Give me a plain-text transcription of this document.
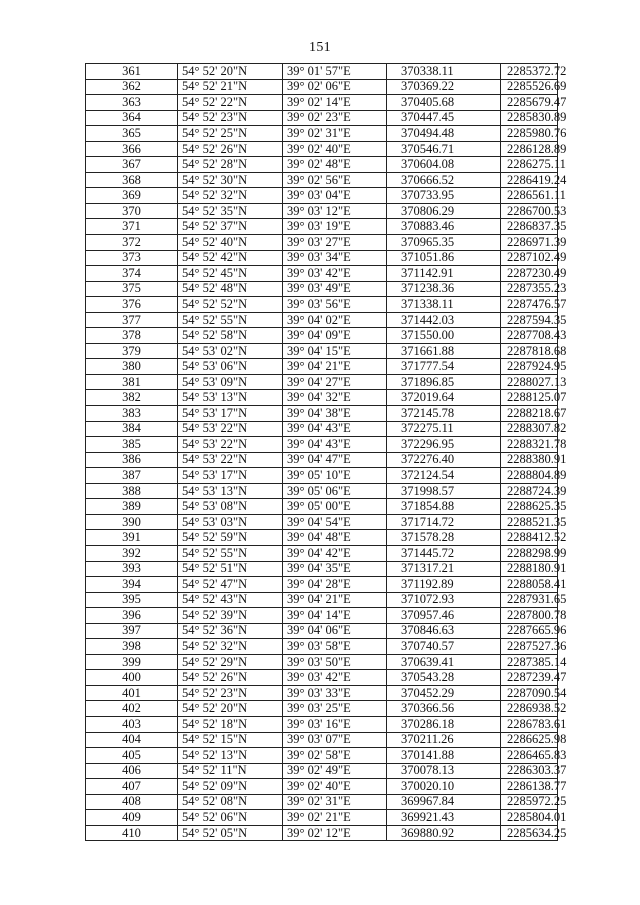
151
361	54° 52' 20"N	39° 01' 57"E	370338.11	2285372.72
362	54° 52' 21"N	39° 02' 06"E	370369.22	2285526.69
363	54° 52' 22"N	39° 02' 14"E	370405.68	2285679.47
364	54° 52' 23"N	39° 02' 23"E	370447.45	2285830.89
365	54° 52' 25"N	39° 02' 31"E	370494.48	2285980.76
366	54° 52' 26"N	39° 02' 40"E	370546.71	2286128.89
367	54° 52' 28"N	39° 02' 48"E	370604.08	2286275.11
368	54° 52' 30"N	39° 02' 56"E	370666.52	2286419.24
369	54° 52' 32"N	39° 03' 04"E	370733.95	2286561.11
370	54° 52' 35"N	39° 03' 12"E	370806.29	2286700.53
371	54° 52' 37"N	39° 03' 19"E	370883.46	2286837.35
372	54° 52' 40"N	39° 03' 27"E	370965.35	2286971.39
373	54° 52' 42"N	39° 03' 34"E	371051.86	2287102.49
374	54° 52' 45"N	39° 03' 42"E	371142.91	2287230.49
375	54° 52' 48"N	39° 03' 49"E	371238.36	2287355.23
376	54° 52' 52"N	39° 03' 56"E	371338.11	2287476.57
377	54° 52' 55"N	39° 04' 02"E	371442.03	2287594.35
378	54° 52' 58"N	39° 04' 09"E	371550.00	2287708.43
379	54° 53' 02"N	39° 04' 15"E	371661.88	2287818.68
380	54° 53' 06"N	39° 04' 21"E	371777.54	2287924.95
381	54° 53' 09"N	39° 04' 27"E	371896.85	2288027.13
382	54° 53' 13"N	39° 04' 32"E	372019.64	2288125.07
383	54° 53' 17"N	39° 04' 38"E	372145.78	2288218.67
384	54° 53' 22"N	39° 04' 43"E	372275.11	2288307.82
385	54° 53' 22"N	39° 04' 43"E	372296.95	2288321.78
386	54° 53' 22"N	39° 04' 47"E	372276.40	2288380.91
387	54° 53' 17"N	39° 05' 10"E	372124.54	2288804.89
388	54° 53' 13"N	39° 05' 06"E	371998.57	2288724.39
389	54° 53' 08"N	39° 05' 00"E	371854.88	2288625.35
390	54° 53' 03"N	39° 04' 54"E	371714.72	2288521.35
391	54° 52' 59"N	39° 04' 48"E	371578.28	2288412.52
392	54° 52' 55"N	39° 04' 42"E	371445.72	2288298.99
393	54° 52' 51"N	39° 04' 35"E	371317.21	2288180.91
394	54° 52' 47"N	39° 04' 28"E	371192.89	2288058.41
395	54° 52' 43"N	39° 04' 21"E	371072.93	2287931.65
396	54° 52' 39"N	39° 04' 14"E	370957.46	2287800.78
397	54° 52' 36"N	39° 04' 06"E	370846.63	2287665.96
398	54° 52' 32"N	39° 03' 58"E	370740.57	2287527.36
399	54° 52' 29"N	39° 03' 50"E	370639.41	2287385.14
400	54° 52' 26"N	39° 03' 42"E	370543.28	2287239.47
401	54° 52' 23"N	39° 03' 33"E	370452.29	2287090.54
402	54° 52' 20"N	39° 03' 25"E	370366.56	2286938.52
403	54° 52' 18"N	39° 03' 16"E	370286.18	2286783.61
404	54° 52' 15"N	39° 03' 07"E	370211.26	2286625.98
405	54° 52' 13"N	39° 02' 58"E	370141.88	2286465.83
406	54° 52' 11"N	39° 02' 49"E	370078.13	2286303.37
407	54° 52' 09"N	39° 02' 40"E	370020.10	2286138.77
408	54° 52' 08"N	39° 02' 31"E	369967.84	2285972.25
409	54° 52' 06"N	39° 02' 21"E	369921.43	2285804.01
410	54° 52' 05"N	39° 02' 12"E	369880.92	2285634.25
